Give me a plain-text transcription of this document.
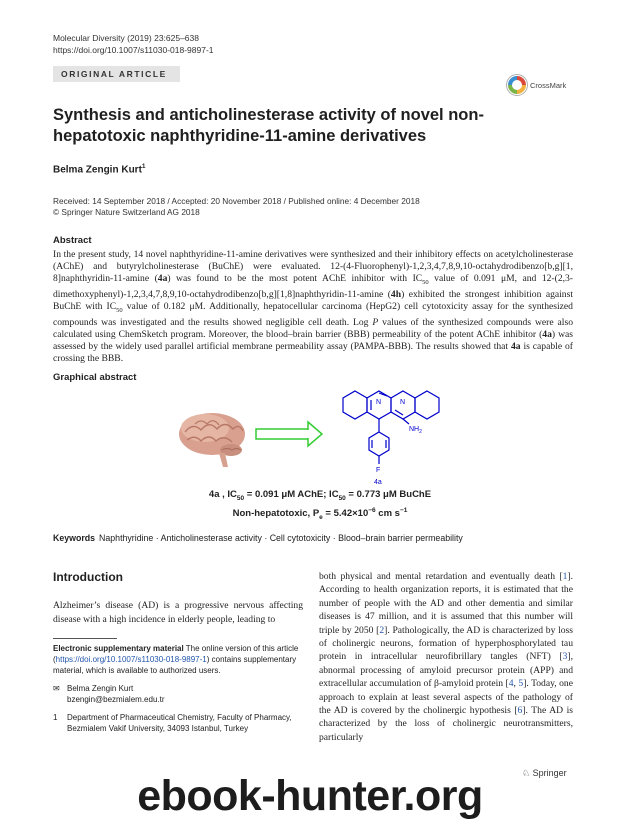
Molecular Diversity (2019) 23:625–638
https://doi.org/10.1007/s11030-018-9897-1
ORIGINAL ARTICLE
CrossMark
Synthesis and anticholinesterase activity of novel non-hepatotoxic naphthyridine-11-amine derivatives
Belma Zengin Kurt$^1$
Received: 14 September 2018 / Accepted: 20 November 2018 / Published online: 4 December 2018
© Springer Nature Switzerland AG 2018
Abstract
In the present study, 14 novel naphthyridine-11-amine derivatives were synthesized and their inhibitory effects on acetylcholinesterase (AChE) and butyrylcholinesterase (BuChE) were evaluated. 12-(4-Fluorophenyl)-1,2,3,4,7,8,9,10-octahydrodibenzo[b,g][1, 8]naphthyridin-11-amine (4a) was found to be the most potent AChE inhibitor with $IC_{50}$ value of 0.091 μM, and 12-(2,3-dimethoxyphenyl)-1,2,3,4,7,8,9,10-octahydrodibenzo[b,g][1,8]naphthyridin-11-amine (4h) exhibited the strongest inhibition against BuChE with $IC_{50}$ value of 0.182 μM. Additionally, hepatocellular carcinoma (HepG2) cell cytotoxicity assay for the synthesized compounds was investigated and the results showed negligible cell death. Log P values of the synthesized compounds were also calculated using ChemSketch program. Moreover, the blood–brain barrier (BBB) permeability of the potent AChE inhibitor (4a) was assessed by the widely used parallel artificial membrane permeability assay (PAMPA-BBB). The results showed that 4a is capable of crossing the BBB.
Graphical abstract
N	N
$NH_2$
F
4a
4a , $IC_{50} = 0.091$ μM AChE; $IC_{50} = 0.773$ μM BuChE
Non-hepatotoxic, $P_e = 5.42\times 10^{-6}$ cm $s^{-1}$
Keywords Naphthyridine · Anticholinesterase activity · Cell cytotoxicity · Blood–brain barrier permeability
Introduction
Alzheimer’s disease (AD) is a progressive nervous affecting disease with a high incidence in elderly people, leading to
both physical and mental retardation and eventually death [1]. According to health organization reports, it is estimated that the number of people with the AD and other dementia and similar diseases is 47 million, and it is assumed that this number will triple by 2050 [2]. Pathologically, the AD is characterized by loss of cholinergic neurons, formation of hyperphosphorylated tau protein in intracellular neurofibrillary tangles (NFT) [3], abnormal processing of amyloid precursor protein (APP) and extracellular accumulation of β-amyloid protein [4, 5]. Today, one approach to explain at least several aspects of the pathology of the AD is covered by the cholinergic hypothesis [6]. The AD is characterized by the loss of cholinergic neurotransmitters, particularly
Electronic supplementary material The online version of this article (https://doi.org/10.1007/s11030-018-9897-1) contains supplementary material, which is available to authorized users.
✉ Belma Zengin Kurt
bzengin@bezmialem.edu.tr
1	Department of Pharmaceutical Chemistry, Faculty of Pharmacy, Bezmialem Vakif University, 34093 Istanbul, Turkey
♘ Springer
ebook-hunter.org
